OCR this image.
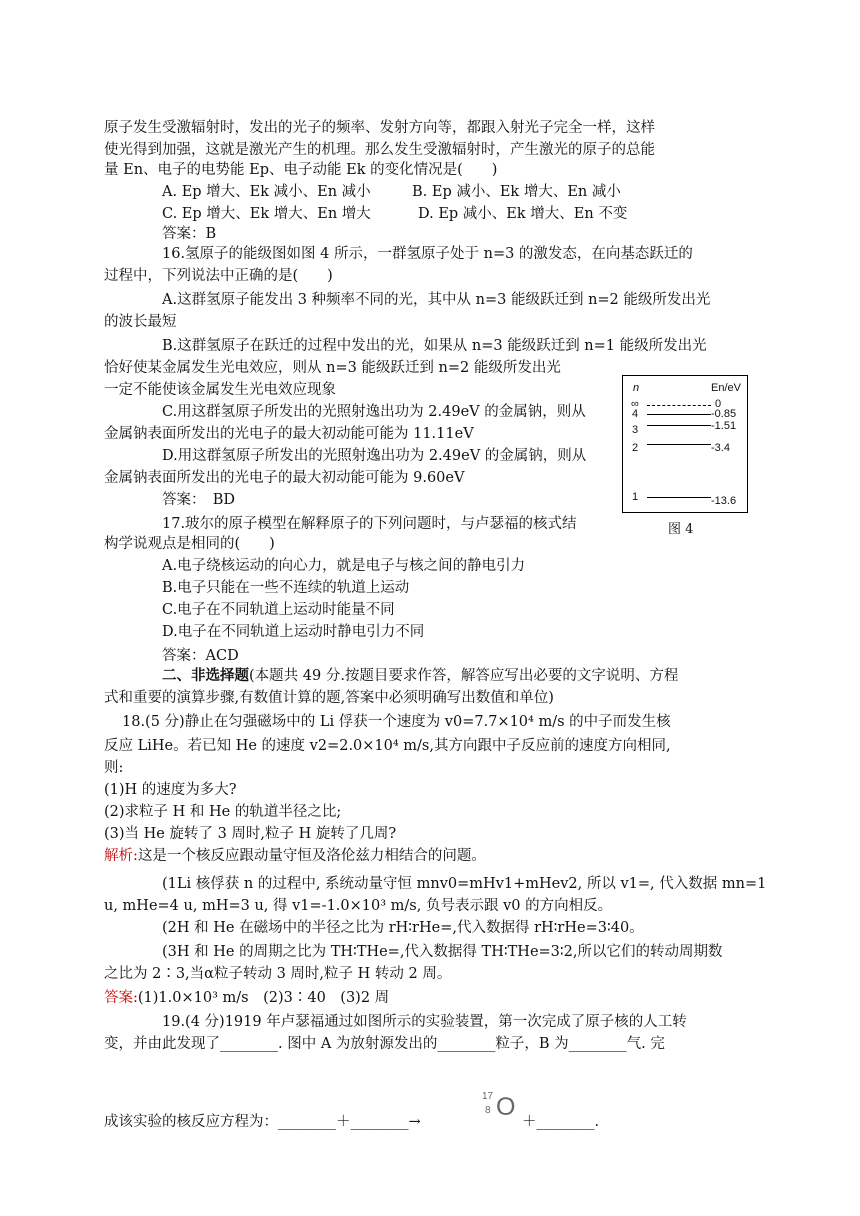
原子发生受激辐射时，发出的光子的频率、发射方向等，都跟入射光子完全一样，这样
使光得到加强，这就是激光产生的机理。那么发生受激辐射时，产生激光的原子的总能
量 En、电子的电势能 Ep、电子动能 Ek 的变化情况是(　　)
A. Ep 增大、Ek 减小、En 减小	B. Ep 减小、Ek 增大、En 减小
C. Ep 增大、Ek 增大、En 增大	D. Ep 减小、Ek 增大、En 不变
答案：B
16.氢原子的能级图如图 4 所示，一群氢原子处于 n=3 的激发态，在向基态跃迁的
过程中，下列说法中正确的是(　　)
A.这群氢原子能发出 3 种频率不同的光，其中从 n=3 能级跃迁到 n=2 能级所发出光
的波长最短
B.这群氢原子在跃迁的过程中发出的光，如果从 n=3 能级跃迁到 n=1 能级所发出光
恰好使某金属发生光电效应，则从 n=3 能级跃迁到 n=2 能级所发出光
一定不能使该金属发生光电效应现象
C.用这群氢原子所发出的光照射逸出功为 2.49eV 的金属钠，则从
金属钠表面所发出的光电子的最大初动能可能为 11.11eV
D.用这群氢原子所发出的光照射逸出功为 2.49eV 的金属钠，则从
金属钠表面所发出的光电子的最大初动能可能为 9.60eV
答案：　BD
n	En/eV
∞	0
4	-0.85
3	-1.51
2	-3.4
1	-13.6
图 4
17.玻尔的原子模型在解释原子的下列问题时，与卢瑟福的核式结
构学说观点是相同的(　　)
A.电子绕核运动的向心力，就是电子与核之间的静电引力
B.电子只能在一些不连续的轨道上运动
C.电子在不同轨道上运动时能量不同
D.电子在不同轨道上运动时静电引力不同
答案：ACD
二、非选择题(本题共 49 分.按题目要求作答，解答应写出必要的文字说明、方程
式和重要的演算步骤,有数值计算的题,答案中必须明确写出数值和单位)
18.(5 分)静止在匀强磁场中的 Li 俘获一个速度为 v0=7.7×10⁴ m/s 的中子而发生核
反应 LiHe。若已知 He 的速度 v2=2.0×10⁴ m/s,其方向跟中子反应前的速度方向相同,
则:
(1)H 的速度为多大?
(2)求粒子 H 和 He 的轨道半径之比;
(3)当 He 旋转了 3 周时,粒子 H 旋转了几周?
解析:这是一个核反应跟动量守恒及洛伦兹力相结合的问题。
(1Li 核俘获 n 的过程中, 系统动量守恒 mnv0=mHv1+mHev2, 所以 v1=, 代入数据 mn=1
u, mHe=4 u, mH=3 u, 得 v1=-1.0×10³ m/s, 负号表示跟 v0 的方向相反。
(2H 和 He 在磁场中的半径之比为 rH∶rHe=,代入数据得 rH∶rHe=3∶40。
(3H 和 He 的周期之比为 TH∶THe=,代入数据得 TH∶THe=3∶2,所以它们的转动周期数
之比为 2∶3,当α粒子转动 3 周时,粒子 H 转动 2 周。
答案:(1)1.0×10³ m/s　(2)3∶40　(3)2 周
19.(4 分)1919 年卢瑟福通过如图所示的实验装置，第一次完成了原子核的人工转
变，并由此发现了________. 图中 A 为放射源发出的________粒子，B 为________气. 完
成该实验的核反应方程为：________＋________→
17
8 O
＋________.
